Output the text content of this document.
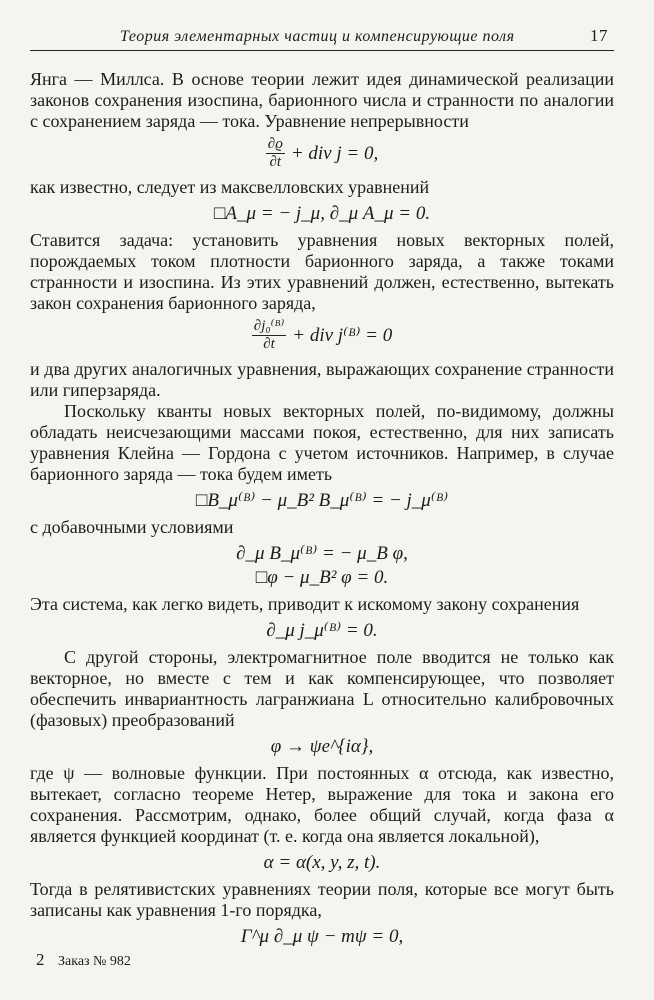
Теория элементарных частиц и компенсирующие поля	17

Янга — Миллса. В основе теории лежит идея динамической реализации законов сохранения изоспина, барионного числа и странности по аналогии с сохранением заряда — тока. Уравнение непрерывности

$\frac{\partial ϱ}{\partial t}$ + div j = 0,

как известно, следует из максвелловских уравнений

□A_μ = − j_μ, ∂_μ A_μ = 0.

Ставится задача: установить уравнения новых векторных полей, порождаемых током плотности барионного заряда, а также токами странности и изоспина. Из этих уравнений должен, естественно, вытекать закон сохранения барионного заряда,

$\frac{\text{∂j₀⁽ᴮ⁾}}{\partial t}$ + div j⁽ᴮ⁾ = 0

и два других аналогичных уравнения, выражающих сохранение странности или гиперзаряда.

Поскольку кванты новых векторных полей, по-видимому, должны обладать неисчезающими массами покоя, естественно, для них записать уравнения Клейна — Гордона с учетом источников. Например, в случае барионного заряда — тока будем иметь

□B_μ⁽ᴮ⁾ − μ_B² B_μ⁽ᴮ⁾ = − j_μ⁽ᴮ⁾

с добавочными условиями

∂_μ B_μ⁽ᴮ⁾ = − μ_B φ,
□φ − μ_B² φ = 0.

Эта система, как легко видеть, приводит к искомому закону сохранения

∂_μ j_μ⁽ᴮ⁾ = 0.

С другой стороны, электромагнитное поле вводится не только как векторное, но вместе с тем и как компенсирующее, что позволяет обеспечить инвариантность лагранжиана L относительно калибровочных (фазовых) преобразований

φ → ψe^{iα},

где ψ — волновые функции. При постоянных α отсюда, как известно, вытекает, согласно теореме Нетер, выражение для тока и закона его сохранения. Рассмотрим, однако, более общий случай, когда фаза α является функцией координат (т. е. когда она является локальной),

α = α(x, y, z, t).

Тогда в релятивистских уравнениях теории поля, которые все могут быть записаны как уравнения 1-го порядка,

Γ^μ ∂_μ ψ − mψ = 0,
2 Заказ № 982
